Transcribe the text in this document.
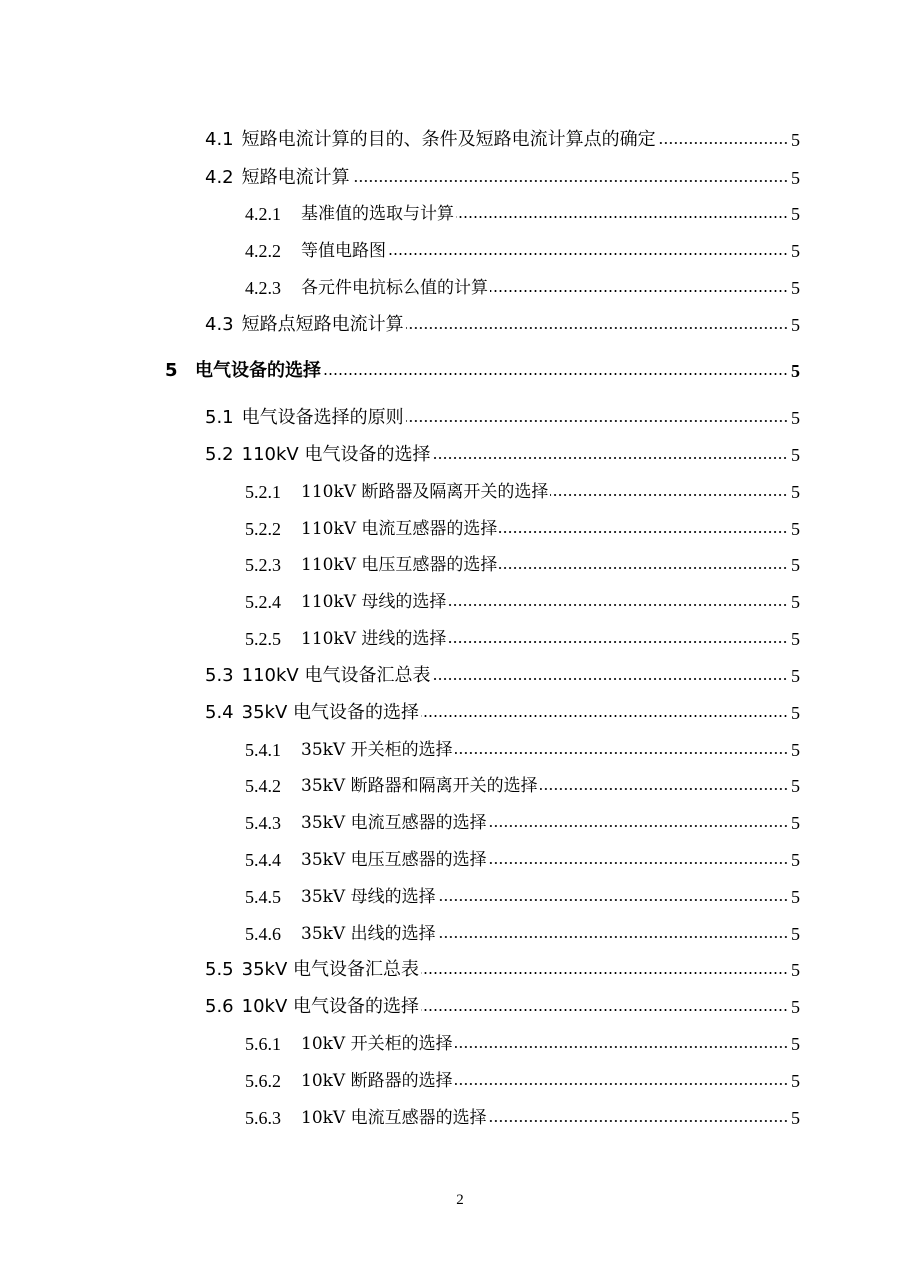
4.1 短路电流计算的目的、条件及短路电流计算点的确定	5
4.2 短路电流计算	5
4.2.1 基准值的选取与计算	5
4.2.2 等值电路图	5
4.2.3 各元件电抗标么值的计算	5
4.3 短路点短路电流计算	5
5 电气设备的选择	5
5.1 电气设备选择的原则	5
5.2 110kV 电气设备的选择	5
5.2.1 110kV 断路器及隔离开关的选择	5
5.2.2 110kV 电流互感器的选择	5
5.2.3 110kV 电压互感器的选择	5
5.2.4 110kV 母线的选择	5
5.2.5 110kV 进线的选择	5
5.3 110kV 电气设备汇总表	5
5.4 35kV 电气设备的选择	5
5.4.1 35kV 开关柜的选择	5
5.4.2 35kV 断路器和隔离开关的选择	5
5.4.3 35kV 电流互感器的选择	5
5.4.4 35kV 电压互感器的选择	5
5.4.5 35kV 母线的选择	5
5.4.6 35kV 出线的选择	5
5.5 35kV 电气设备汇总表	5
5.6 10kV 电气设备的选择	5
5.6.1 10kV 开关柜的选择	5
5.6.2 10kV 断路器的选择	5
5.6.3 10kV 电流互感器的选择	5
2
